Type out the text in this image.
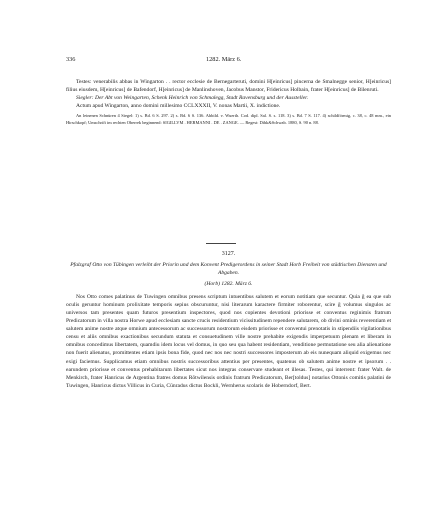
336	1282. März 6.

Testes: venerabilis abbas in Wingarton . . rector ecclesie de Bernegarteruti, domini H[einricus] pincerna de Smalnegge senior, H[einricus] filius eiusdem, H[einricus] de Bafendorf, H[einricus] de Manlinshoven, Jacobus Manstor, Fridericus Holbain, frater H[einricus] de Bilenruti.

Siegler: Der Abt von Weingarten, Schenk Heinrich von Schmalegg, Stadt Ravensburg und der Aussteller.

Actum apud Wingarton, anno domini millesimo CCLXXXII, V. nonas Martii, X. indictione.

An leinenen Schnüren 4 Siegel: 1) s. Bd. 6 S. 297. 2) s. Bd. 6 S. 136. Abbild. v. Wuerth. Cod. dipl. Sal. S. s. 118. 3) s. Bd. 7 S. 117. 4) schildförmig, c. 38, c. 48 mm., ein Hirschkopf; Umschrift im rechten Oberrek beginnend: SIGILLVM . HERMANNI . DE . ZANGE. — Regest: Dibk&Schwab. 1880, S. 90 n. 88.

3127.

Pfalzgraf Otto von Tübingen verleiht der Priorin und dem Konvent Predigerordens in seiner Stadt Horb Freiheit von städtischen Diensten und Abgaben.

(Horb) 1282. März 6.

Nos Otto comes palatinus de Tuwingen omnibus presens scriptum intuentibus salutem et eorum notitiam que secuntur. Quia ḡ ea que sub oculis geruntur hominum prolixitate temporis sepius obscuruntur, nisi literarum karactere firmiter roborentur, scire ḡ volumus singulos ac universos tam presentes quam futuros presentium inspectores, quod nos copientes devotioni priorisse et conventus reginimis fratrum Predicatorum in villa nostra Horwe apud ecclesiam sancte crucis residentium vicissitudinem rependere salutarem, ob divini ominis reverentiam et salutem anime nostre atque omnium antecessorum ac successorum nostrorum eisdem priorisse et conventui prenotatis in stipendiis vigilationibus censu et aliis omnibus exactionibus secundum statuta et consuetudinem ville nostre prehabite exigendis imperpetuum plenam et liberam in omnibus concedimus libertatem, quamdiu idem locus vel domus, in quo seu qua habent residentiam, venditione permutatione seu alia alienatione non fuerit alienatus, promittentes etiam ipsis bona fide, quod nec nos nec nostri successores imposterum ab eis nunequam aliquid exigemus nec exigi faciemus. Supplicamus etiam omnibus nostris successoribus attentius per presentes, quatenus ob salutem anime nostre et ipsorum . . earundem priorisse et conventus prehabitarum libertates sicut nos integras conservare studeant et illesas. Testes, qui interrent: frater Walt. de Menkirch, frater Hanricus de Argentina fratres domus Rōtwilensis ordinis fratrum Predicatorum, Ber[toldus] notarius Ottonis comitis palatini de Tuwingen, Hanricus dictus Villicus in Curia, Cūnradus dictus Bockli, Wernherus scolaris de Hoberndorf, Bert.
